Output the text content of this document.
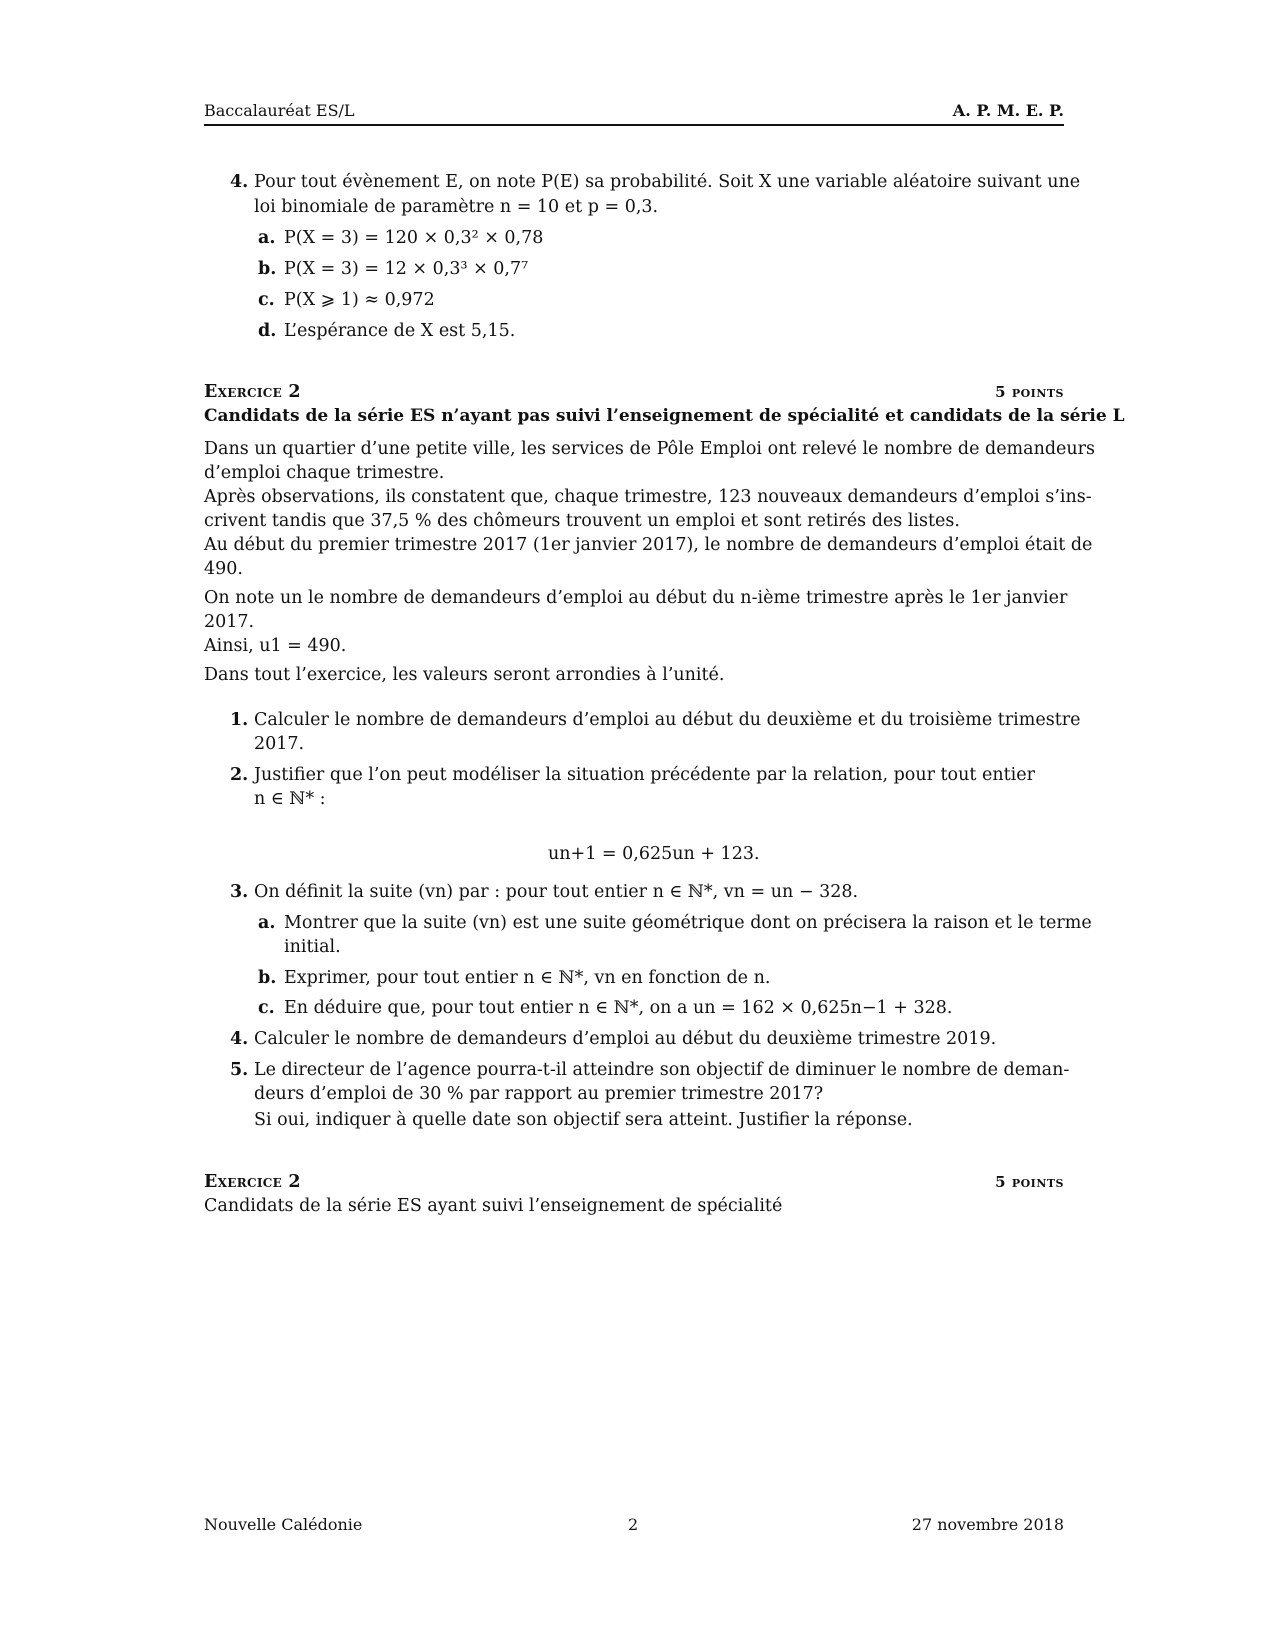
Baccalauréat ES/L	A. P. M. E. P.
4. Pour tout évènement E, on note P(E) sa probabilité. Soit X une variable aléatoire suivant une
loi binomiale de paramètre n = 10 et p = 0,3.
a. P(X = 3) = 120 × 0,3² × 0,78
b. P(X = 3) = 12 × 0,3³ × 0,7⁷
c. P(X ⩾ 1) ≈ 0,972
d. L’espérance de X est 5,15.
Exercice 2	5 points
Candidats de la série ES n’ayant pas suivi l’enseignement de spécialité et candidats de la série L
Dans un quartier d’une petite ville, les services de Pôle Emploi ont relevé le nombre de demandeurs
d’emploi chaque trimestre.
Après observations, ils constatent que, chaque trimestre, 123 nouveaux demandeurs d’emploi s’ins-
crivent tandis que 37,5 % des chômeurs trouvent un emploi et sont retirés des listes.
Au début du premier trimestre 2017 (1er janvier 2017), le nombre de demandeurs d’emploi était de
490.
On note un le nombre de demandeurs d’emploi au début du n-ième trimestre après le 1er janvier
2017.
Ainsi, u1 = 490.
Dans tout l’exercice, les valeurs seront arrondies à l’unité.
1. Calculer le nombre de demandeurs d’emploi au début du deuxième et du troisième trimestre
2017.
2. Justifier que l’on peut modéliser la situation précédente par la relation, pour tout entier
n ∈ ℕ* :
un+1 = 0,625un + 123.
3. On définit la suite (vn) par : pour tout entier n ∈ ℕ*, vn = un − 328.
a. Montrer que la suite (vn) est une suite géométrique dont on précisera la raison et le terme
initial.
b. Exprimer, pour tout entier n ∈ ℕ*, vn en fonction de n.
c. En déduire que, pour tout entier n ∈ ℕ*, on a un = 162 × 0,625n−1 + 328.
4. Calculer le nombre de demandeurs d’emploi au début du deuxième trimestre 2019.
5. Le directeur de l’agence pourra-t-il atteindre son objectif de diminuer le nombre de deman-
deurs d’emploi de 30 % par rapport au premier trimestre 2017?
Si oui, indiquer à quelle date son objectif sera atteint. Justifier la réponse.
Exercice 2	5 points
Candidats de la série ES ayant suivi l’enseignement de spécialité
Nouvelle Calédonie	2	27 novembre 2018
